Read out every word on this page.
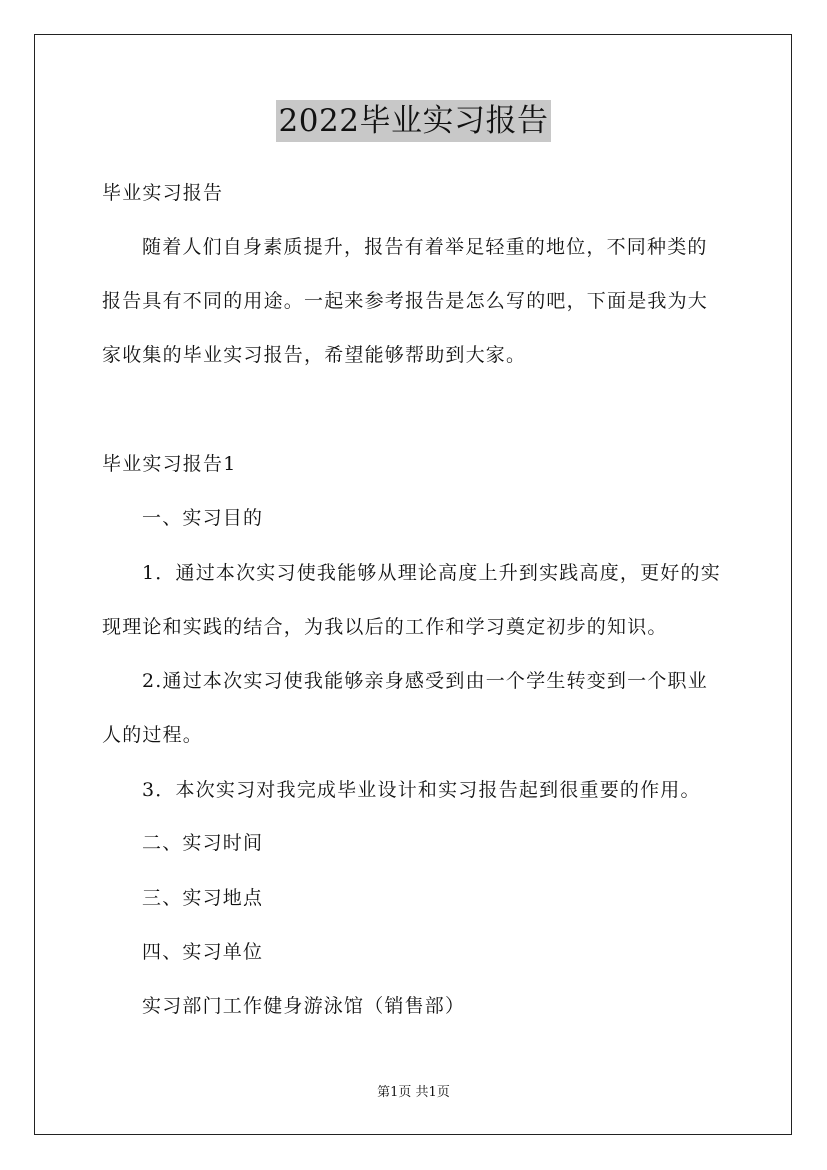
2022毕业实习报告
毕业实习报告
随着人们自身素质提升，报告有着举足轻重的地位，不同种类的
报告具有不同的用途。一起来参考报告是怎么写的吧，下面是我为大
家收集的毕业实习报告，希望能够帮助到大家。
毕业实习报告1
一、实习目的
1．通过本次实习使我能够从理论高度上升到实践高度，更好的实
现理论和实践的结合，为我以后的工作和学习奠定初步的知识。
2.通过本次实习使我能够亲身感受到由一个学生转变到一个职业
人的过程。
3．本次实习对我完成毕业设计和实习报告起到很重要的作用。
二、实习时间
三、实习地点
四、实习单位
实习部门工作健身游泳馆（销售部）
第1页 共1页
